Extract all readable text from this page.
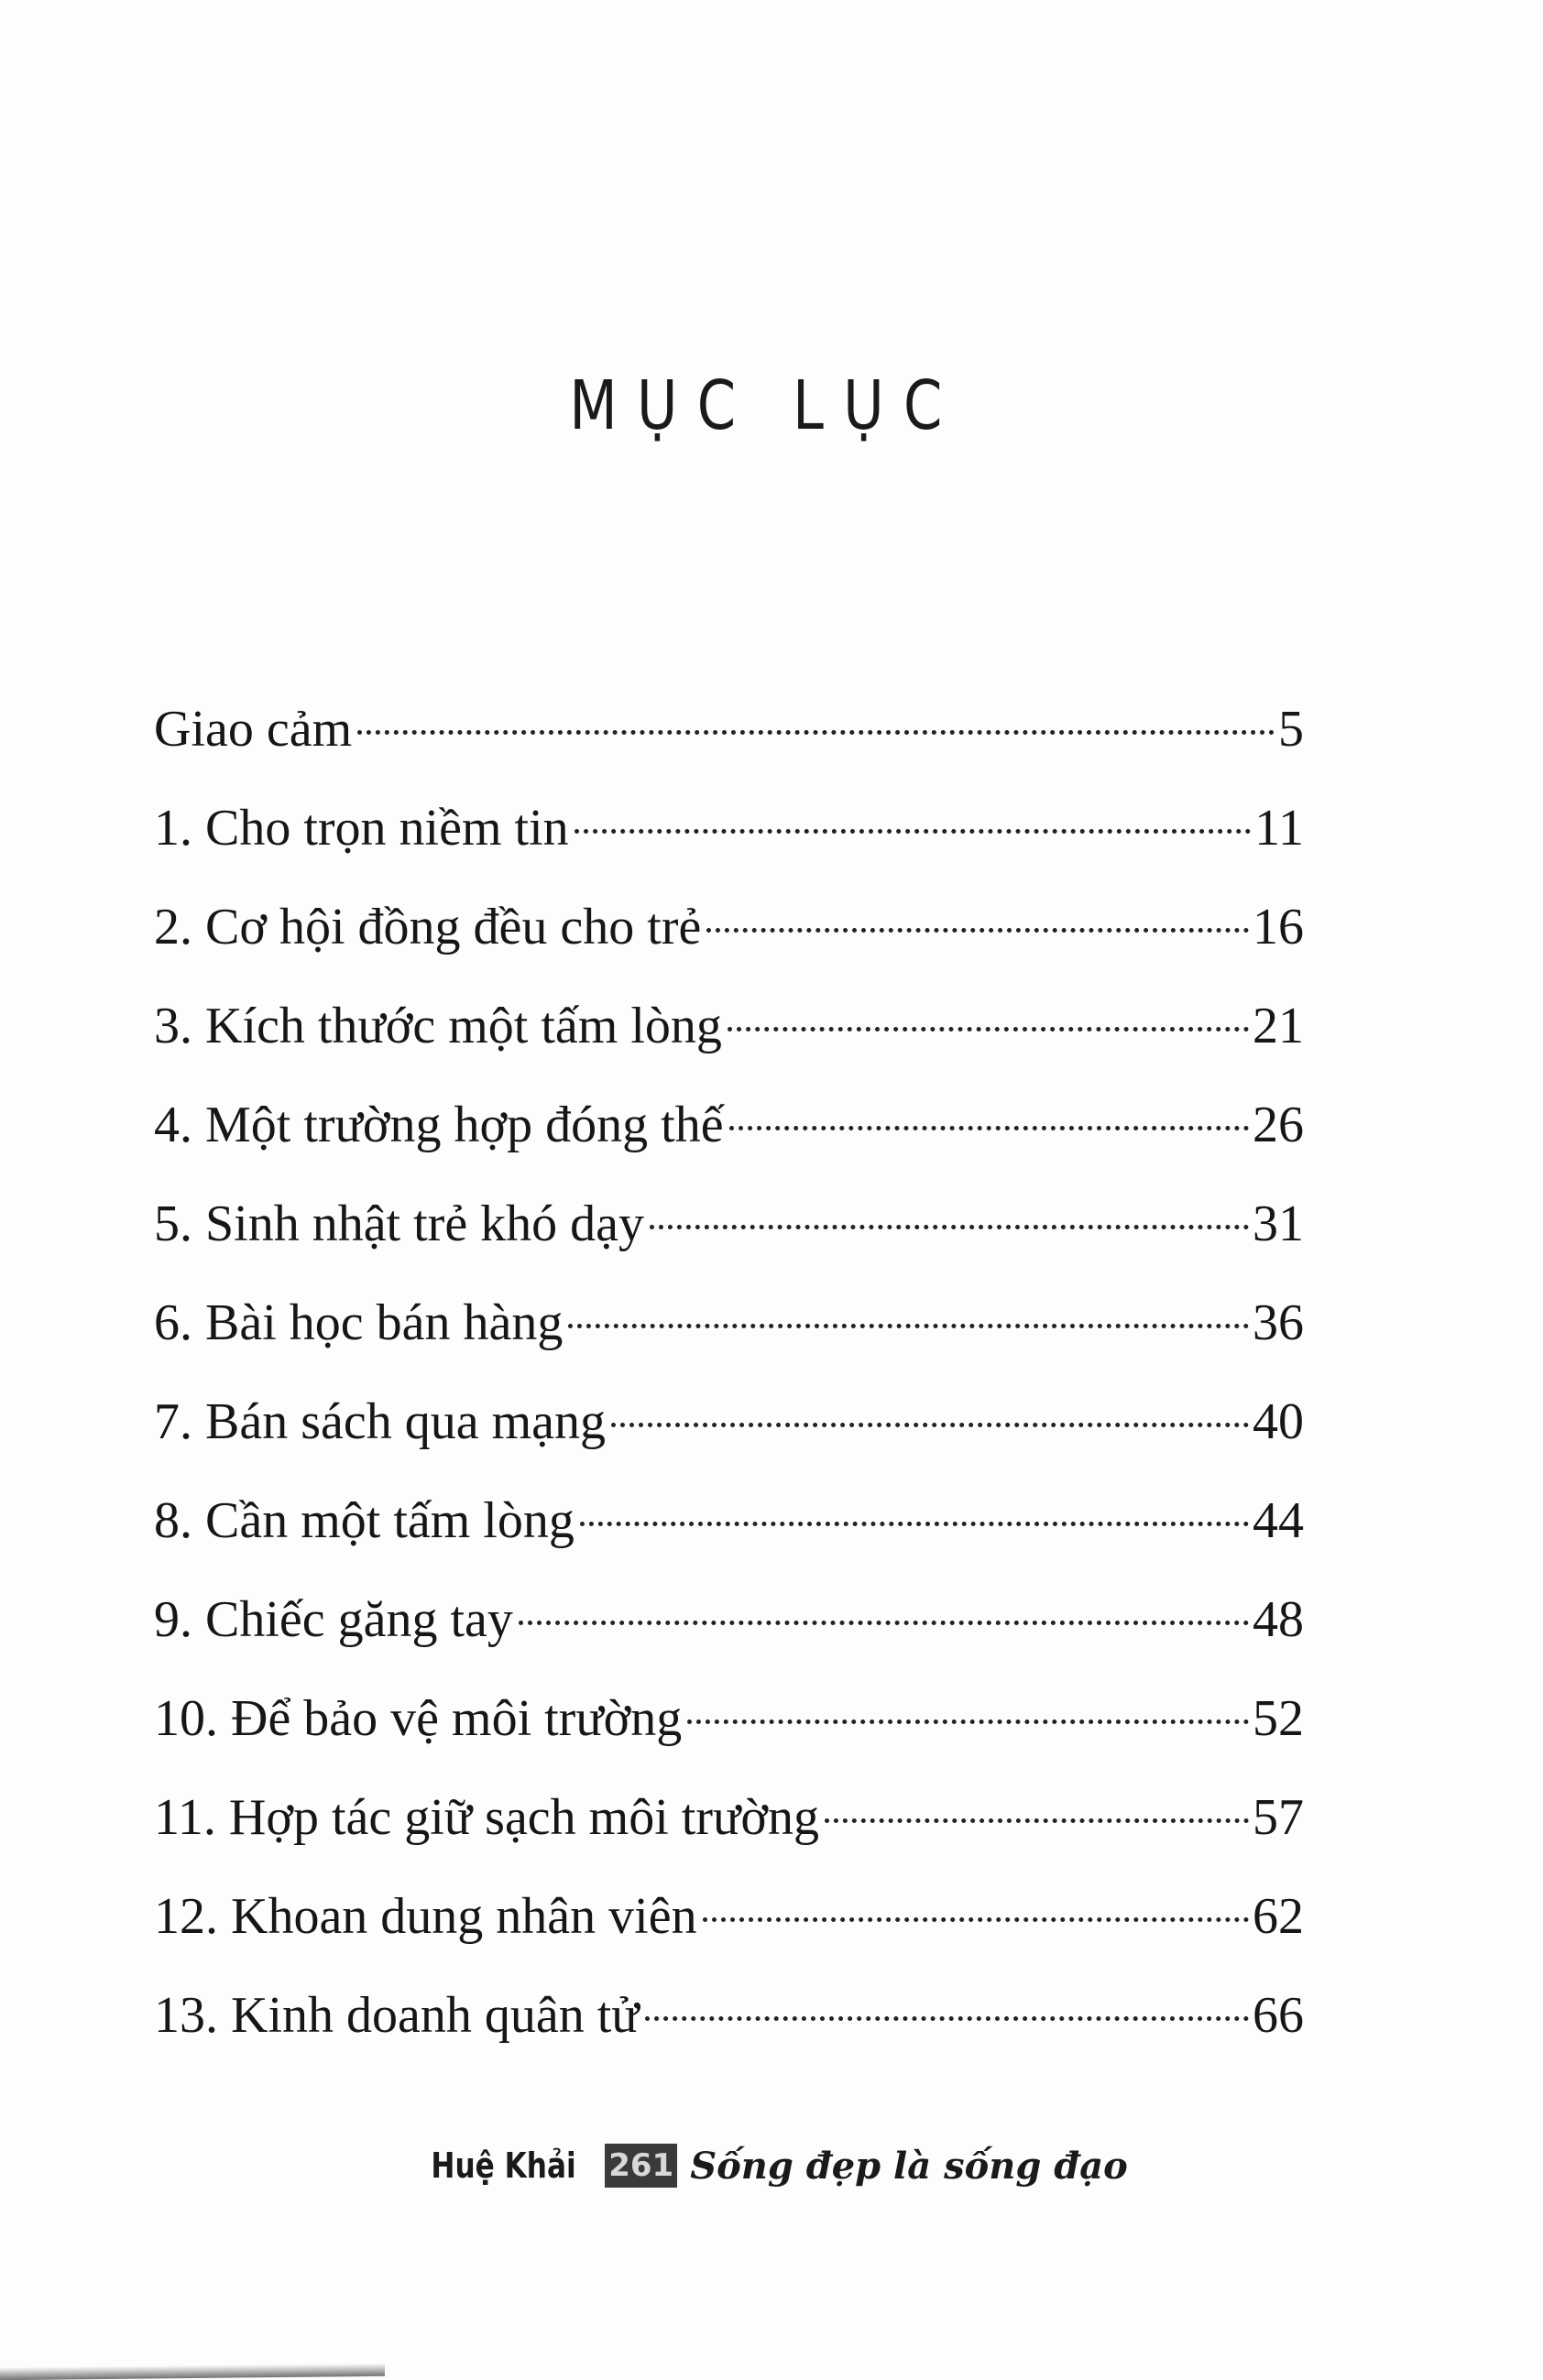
MỤC LỤC
Giao cảm	5
1. Cho trọn niềm tin	11
2. Cơ hội đồng đều cho trẻ	16
3. Kích thước một tấm lòng	21
4. Một trường hợp đóng thế	26
5. Sinh nhật trẻ khó dạy	31
6. Bài học bán hàng	36
7. Bán sách qua mạng	40
8. Cần một tấm lòng	44
9. Chiếc găng tay	48
10. Để bảo vệ môi trường	52
11. Hợp tác giữ sạch môi trường	57
12. Khoan dung nhân viên	62
13. Kinh doanh quân tử	66
Huệ Khải 261 Sống đẹp là sống đạo
